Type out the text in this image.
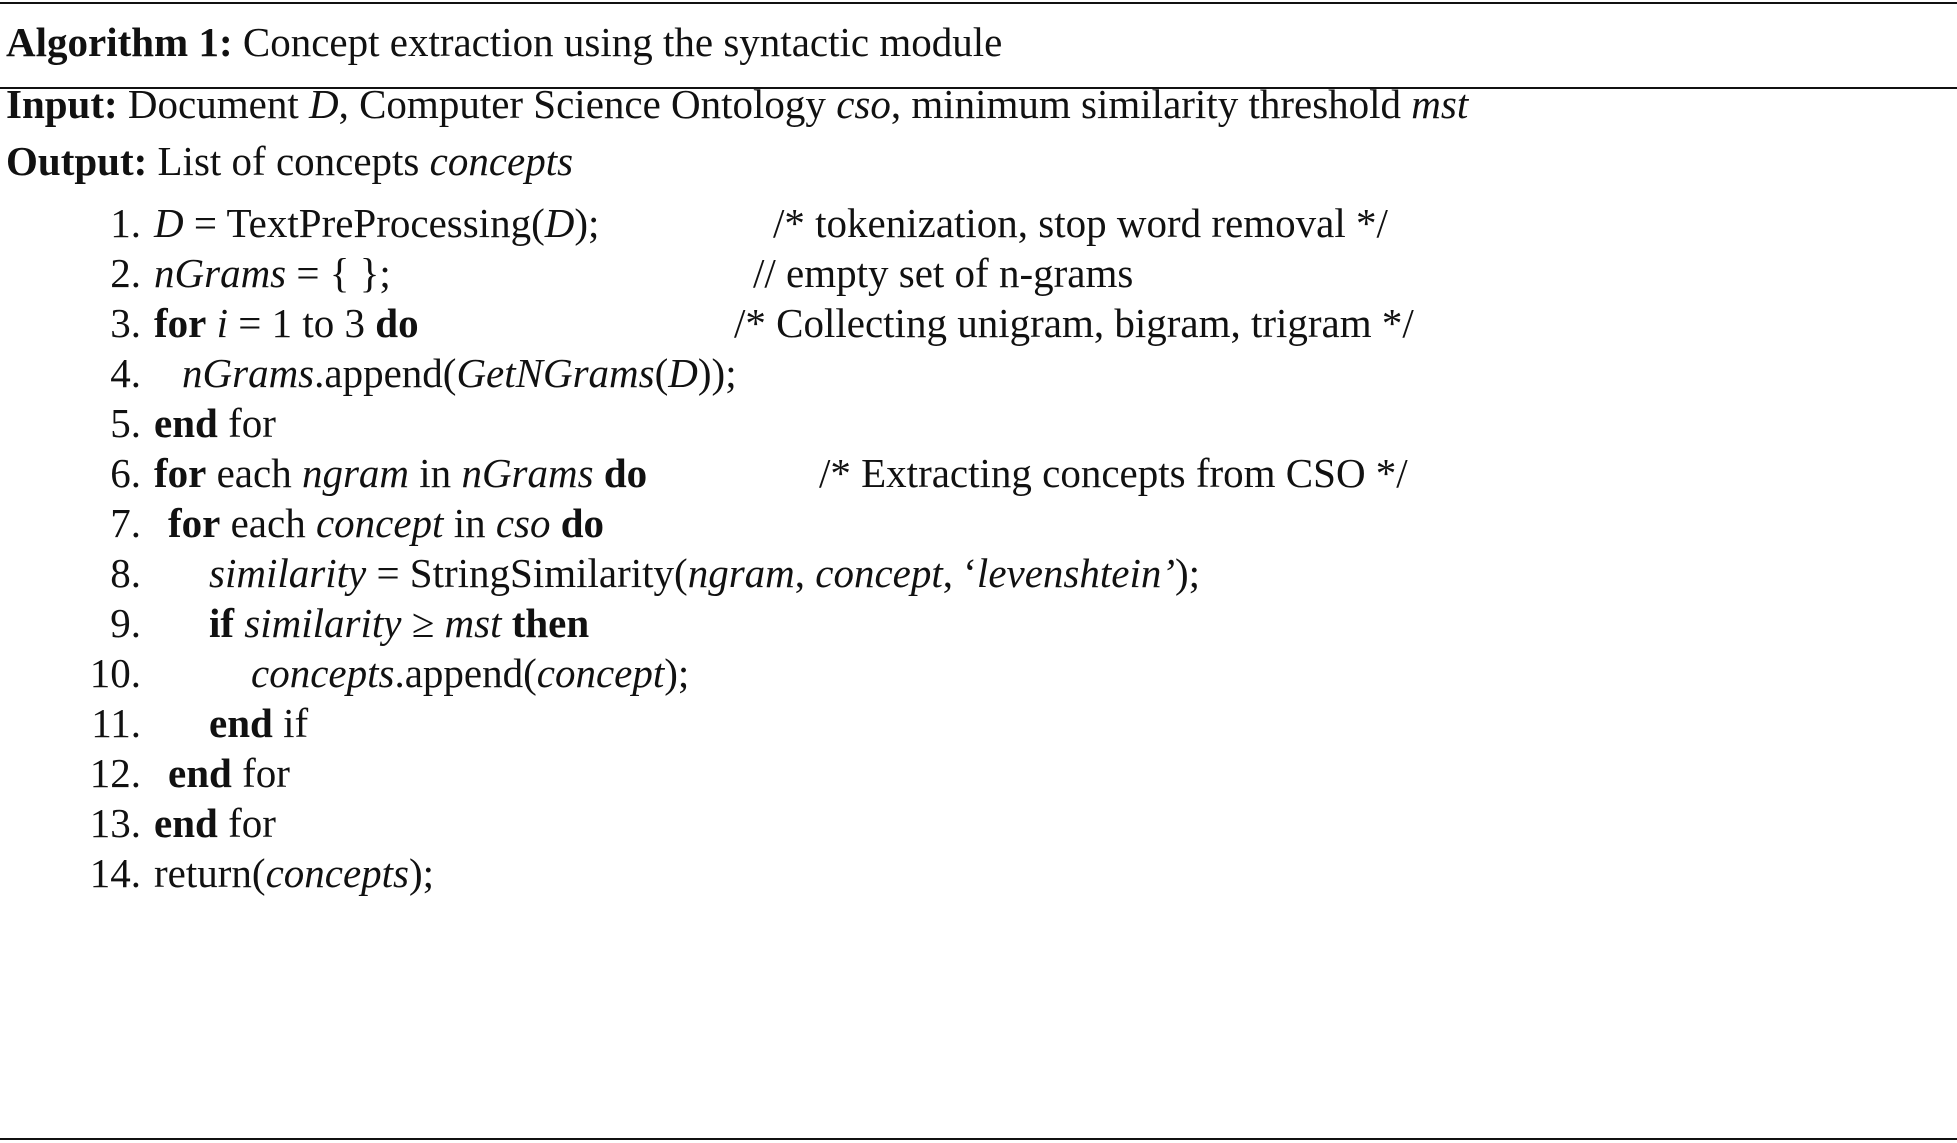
Algorithm 1: Concept extraction using the syntactic module
Input: Document D, Computer Science Ontology cso, minimum similarity threshold mst
Output: List of concepts concepts
1. D = TextPreProcessing(D);	/* tokenization, stop word removal */
2. nGrams = { };	// empty set of n-grams
3. for i = 1 to 3 do	/* Collecting unigram, bigram, trigram */
4. nGrams.append(GetNGrams(D));
5. end for
6. for each ngram in nGrams do	/* Extracting concepts from CSO */
7. for each concept in cso do
8. similarity = StringSimilarity(ngram, concept, ‘levenshtein’);
9. if similarity ≥ mst then
10.	concepts.append(concept);
11. end if
12. end for
13. end for
14. return(concepts);
